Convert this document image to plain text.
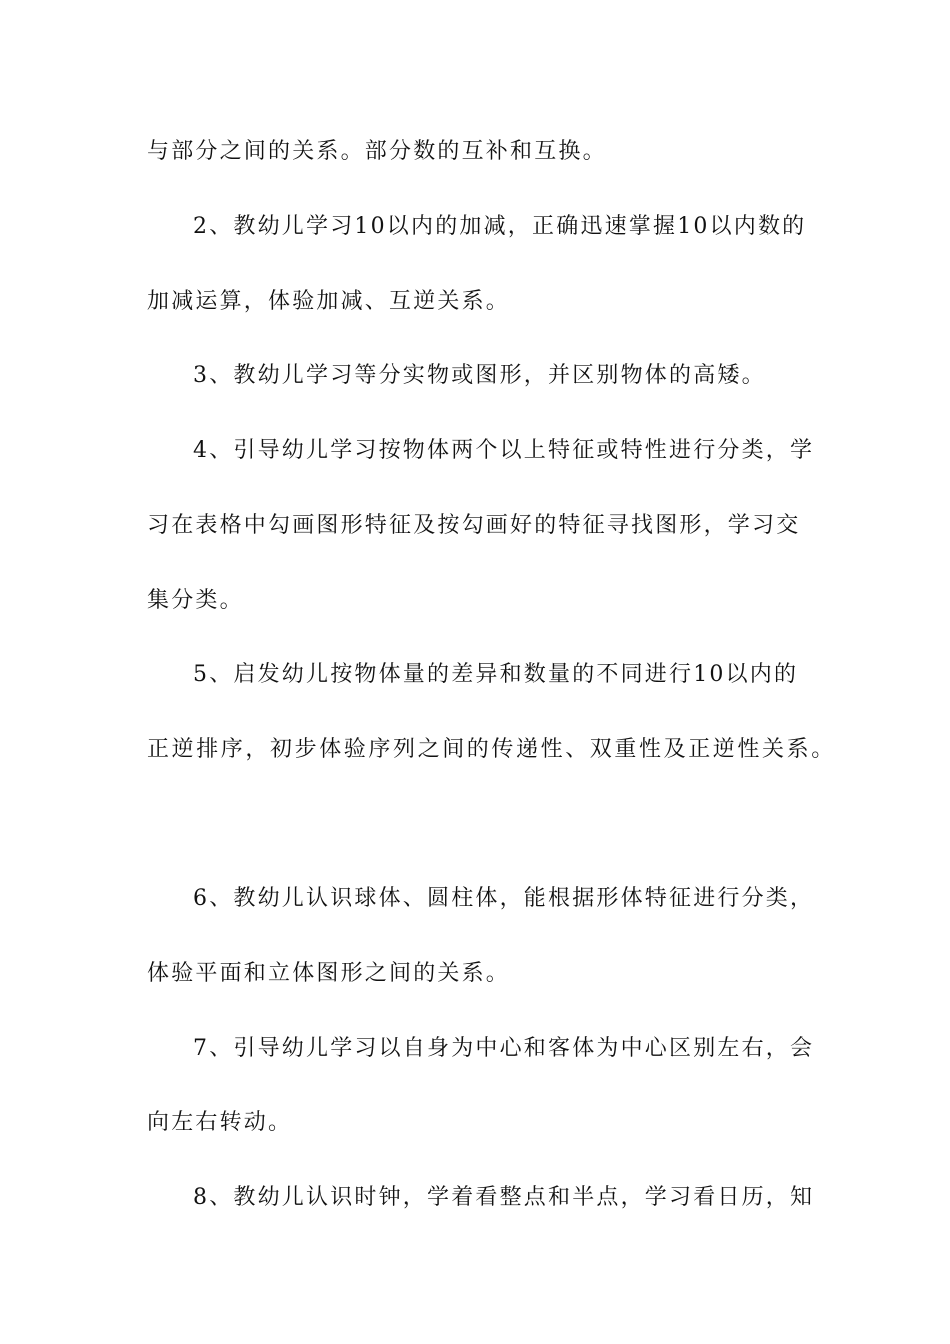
与部分之间的关系。部分数的互补和互换。
2、教幼儿学习10以内的加减，正确迅速掌握10以内数的
加减运算，体验加减、互逆关系。
3、教幼儿学习等分实物或图形，并区别物体的高矮。
4、引导幼儿学习按物体两个以上特征或特性进行分类，学
习在表格中勾画图形特征及按勾画好的特征寻找图形，学习交
集分类。
5、启发幼儿按物体量的差异和数量的不同进行10以内的
正逆排序，初步体验序列之间的传递性、双重性及正逆性关系。
6、教幼儿认识球体、圆柱体，能根据形体特征进行分类，
体验平面和立体图形之间的关系。
7、引导幼儿学习以自身为中心和客体为中心区别左右，会
向左右转动。
8、教幼儿认识时钟，学着看整点和半点，学习看日历，知
